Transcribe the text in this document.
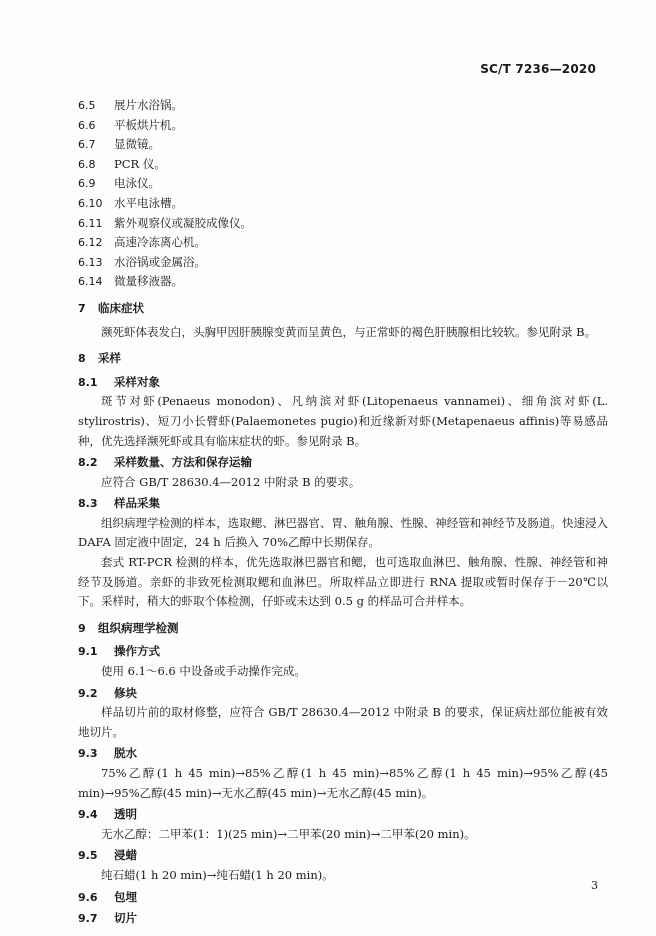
SC/T 7236—2020
6.5 展片水浴锅。
6.6 平板烘片机。
6.7 显微镜。
6.8 PCR 仪。
6.9 电泳仪。
6.10 水平电泳槽。
6.11 紫外观察仪或凝胶成像仪。
6.12 高速冷冻离心机。
6.13 水浴锅或金属浴。
6.14 微量移液器。
7 临床症状

濒死虾体表发白，头胸甲因肝胰腺变黄而呈黄色，与正常虾的褐色肝胰腺相比较软。参见附录 B。

8 采样
8.1 采样对象

斑节对虾(Penaeus monodon)、凡纳滨对虾(Litopenaeus vannamei)、细角滨对虾(L. stylirostris)、短刀小长臂虾(Palaemonetes pugio)和近缘新对虾(Metapenaeus affinis)等易感品种，优先选择濒死虾或具有临床症状的虾。参见附录 B。

8.2 采样数量、方法和保存运输

应符合 GB/T 28630.4—2012 中附录 B 的要求。

8.3 样品采集

组织病理学检测的样本，选取鳃、淋巴器官、胃、触角腺、性腺、神经管和神经节及肠道。快速浸入 DAFA 固定液中固定，24 h 后换入 70%乙醇中长期保存。

套式 RT-PCR 检测的样本，优先选取淋巴器官和鳃，也可选取血淋巴、触角腺、性腺、神经管和神经节及肠道。亲虾的非致死检测取鳃和血淋巴。所取样品立即进行 RNA 提取或暂时保存于－20℃以下。采样时，稍大的虾取个体检测，仔虾或未达到 0.5 g 的样品可合并样本。

9 组织病理学检测
9.1 操作方式

使用 6.1～6.6 中设备或手动操作完成。

9.2 修块

样品切片前的取材修整，应符合 GB/T 28630.4—2012 中附录 B 的要求，保证病灶部位能被有效地切片。

9.3 脱水

75%乙醇(1 h 45 min)→85%乙醇(1 h 45 min)→85%乙醇(1 h 45 min)→95%乙醇(45 min)→95%乙醇(45 min)→无水乙醇(45 min)→无水乙醇(45 min)。

9.4 透明

无水乙醇：二甲苯(1：1)(25 min)→二甲苯(20 min)→二甲苯(20 min)。

9.5 浸蜡

纯石蜡(1 h 20 min)→纯石蜡(1 h 20 min)。

9.6 包埋
9.7 切片
3
